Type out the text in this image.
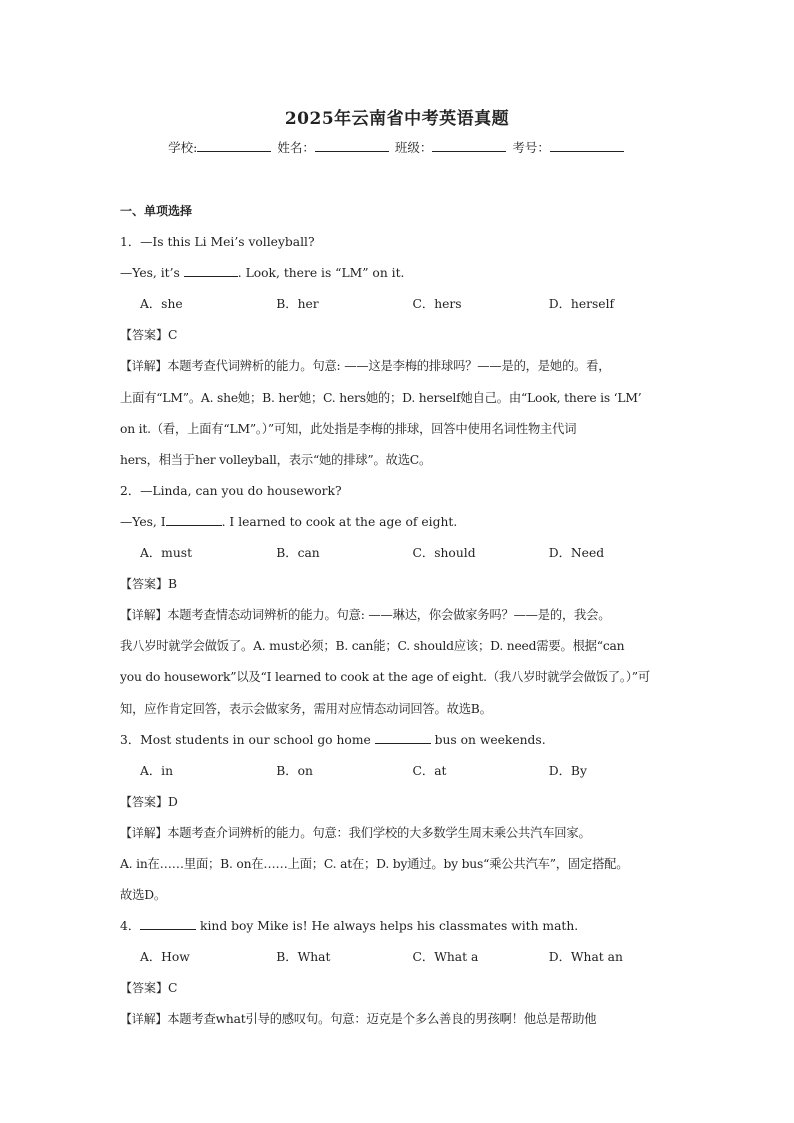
2025年云南省中考英语真题
学校:	姓名：	班级：	考号：
一、单项选择
1．—Is this Li Mei’s volleyball?
—Yes, it’s	. Look, there is “LM” on it.
A．she	B．her	C．hers	D．herself
【答案】C
【详解】本题考查代词辨析的能力。句意: ——这是李梅的排球吗？——是的，是她的。看，
上面有“LM”。A. she她；B. her她；C. hers她的；D. herself她自己。由“Look, there is ‘LM’
on it.（看，上面有“LM”。）”可知，此处指是李梅的排球，回答中使用名词性物主代词
hers，相当于her volleyball，表示“她的排球”。故选C。
2．—Linda, can you do housework?
—Yes, I	. I learned to cook at the age of eight.
A．must	B．can	C．should	D．Need
【答案】B
【详解】本题考查情态动词辨析的能力。句意: ——琳达，你会做家务吗？——是的，我会。
我八岁时就学会做饭了。A. must必须；B. can能；C. should应该；D. need需要。根据“can
you do housework”以及“I learned to cook at the age of eight.（我八岁时就学会做饭了。）”可
知，应作肯定回答，表示会做家务，需用对应情态动词回答。故选B。
3．Most students in our school go home	bus on weekends.
A．in	B．on	C．at	D．By
【答案】D
【详解】本题考查介词辨析的能力。句意：我们学校的大多数学生周末乘公共汽车回家。
A. in在……里面；B. on在……上面；C. at在；D. by通过。by bus“乘公共汽车”，固定搭配。
故选D。
4．	kind boy Mike is! He always helps his classmates with math.
A．How	B．What	C．What a	D．What an
【答案】C
【详解】本题考查what引导的感叹句。句意：迈克是个多么善良的男孩啊！他总是帮助他
